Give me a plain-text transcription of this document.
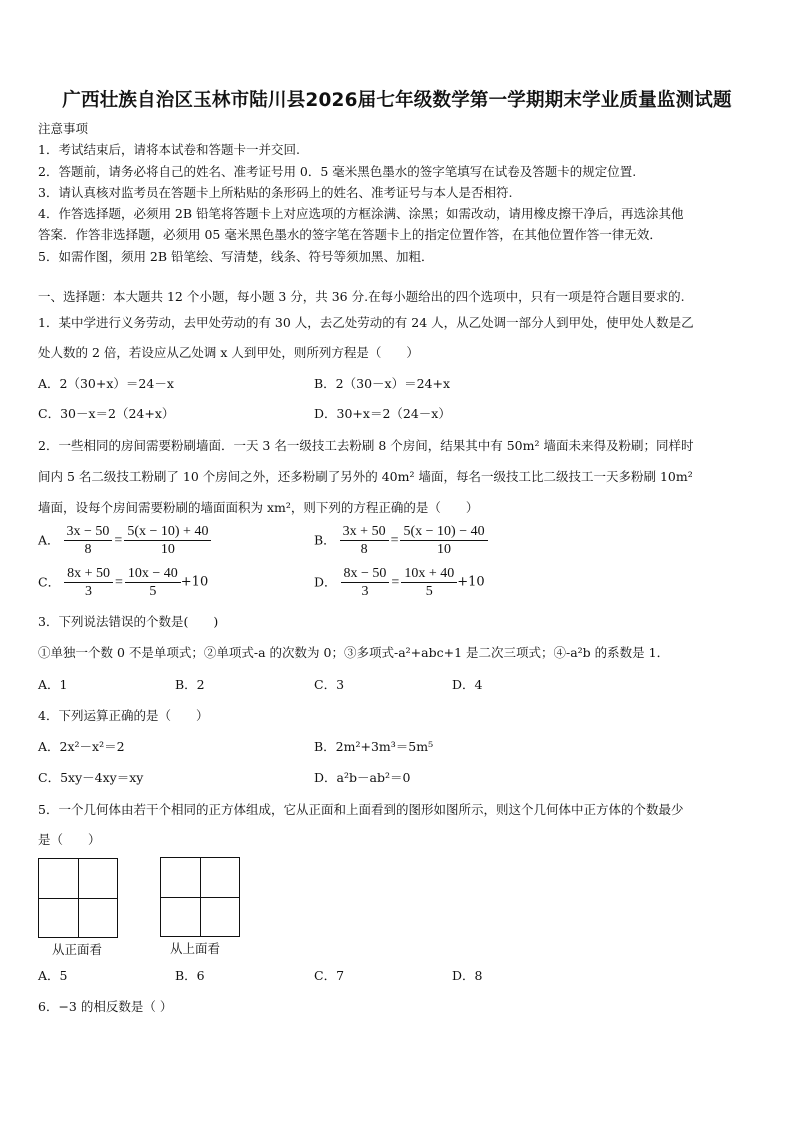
广西壮族自治区玉林市陆川县2026届七年级数学第一学期期末学业质量监测试题
注意事项
1．考试结束后，请将本试卷和答题卡一并交回.
2．答题前，请务必将自己的姓名、准考证号用 0．5 毫米黑色墨水的签字笔填写在试卷及答题卡的规定位置.
3．请认真核对监考员在答题卡上所粘贴的条形码上的姓名、准考证号与本人是否相符.
4．作答选择题，必须用 2B 铅笔将答题卡上对应选项的方框涂满、涂黑；如需改动，请用橡皮擦干净后，再选涂其他
答案．作答非选择题，必须用 05 毫米黑色墨水的签字笔在答题卡上的指定位置作答，在其他位置作答一律无效．
5．如需作图，须用 2B 铅笔绘、写清楚，线条、符号等须加黑、加粗．
一、选择题：本大题共 12 个小题，每小题 3 分，共 36 分.在每小题给出的四个选项中，只有一项是符合题目要求的.
1．某中学进行义务劳动，去甲处劳动的有 30 人，去乙处劳动的有 24 人，从乙处调一部分人到甲处，使甲处人数是乙
处人数的 2 倍，若设应从乙处调 x 人到甲处，则所列方程是（　　）
A．2（30+x）＝24－x	B．2（30－x）＝24+x
C．30－x＝2（24+x）	D．30+x＝2（24－x）
2．一些相同的房间需要粉刷墙面．一天 3 名一级技工去粉刷 8 个房间，结果其中有 50m² 墙面未来得及粉刷；同样时
间内 5 名二级技工粉刷了 10 个房间之外，还多粉刷了另外的 40m² 墙面，每名一级技工比二级技工一天多粉刷 10m²
墙面，设每个房间需要粉刷的墙面面积为 xm²，则下列的方程正确的是（　　）
A． $\frac{3x - 50}{8} = \frac{5(x - 10) + 40}{10}$	B． $\frac{3x + 50}{8} = \frac{5(x - 10) - 40}{10}$
C． $\frac{8x + 50}{3} = \frac{10x - 40}{5} +10$	D． $\frac{8x - 50}{3} = \frac{10x + 40}{5} +10$
3．下列说法错误的个数是(　　)
①单独一个数 0 不是单项式；②单项式-a 的次数为 0；③多项式-a²+abc+1 是二次三项式；④-a²b 的系数是 1．
A．1	B．2	C．3	D．4
4．下列运算正确的是（　　）
A．2x²－x²＝2	B．2m²+3m³＝5m⁵
C．5xy－4xy＝xy	D．a²b－ab²＝0
5．一个几何体由若干个相同的正方体组成，它从正面和上面看到的图形如图所示，则这个几何体中正方体的个数最少
是（　　）
从正面看	从上面看
A．5	B．6	C．7	D．8
6．−3 的相反数是（ ）
